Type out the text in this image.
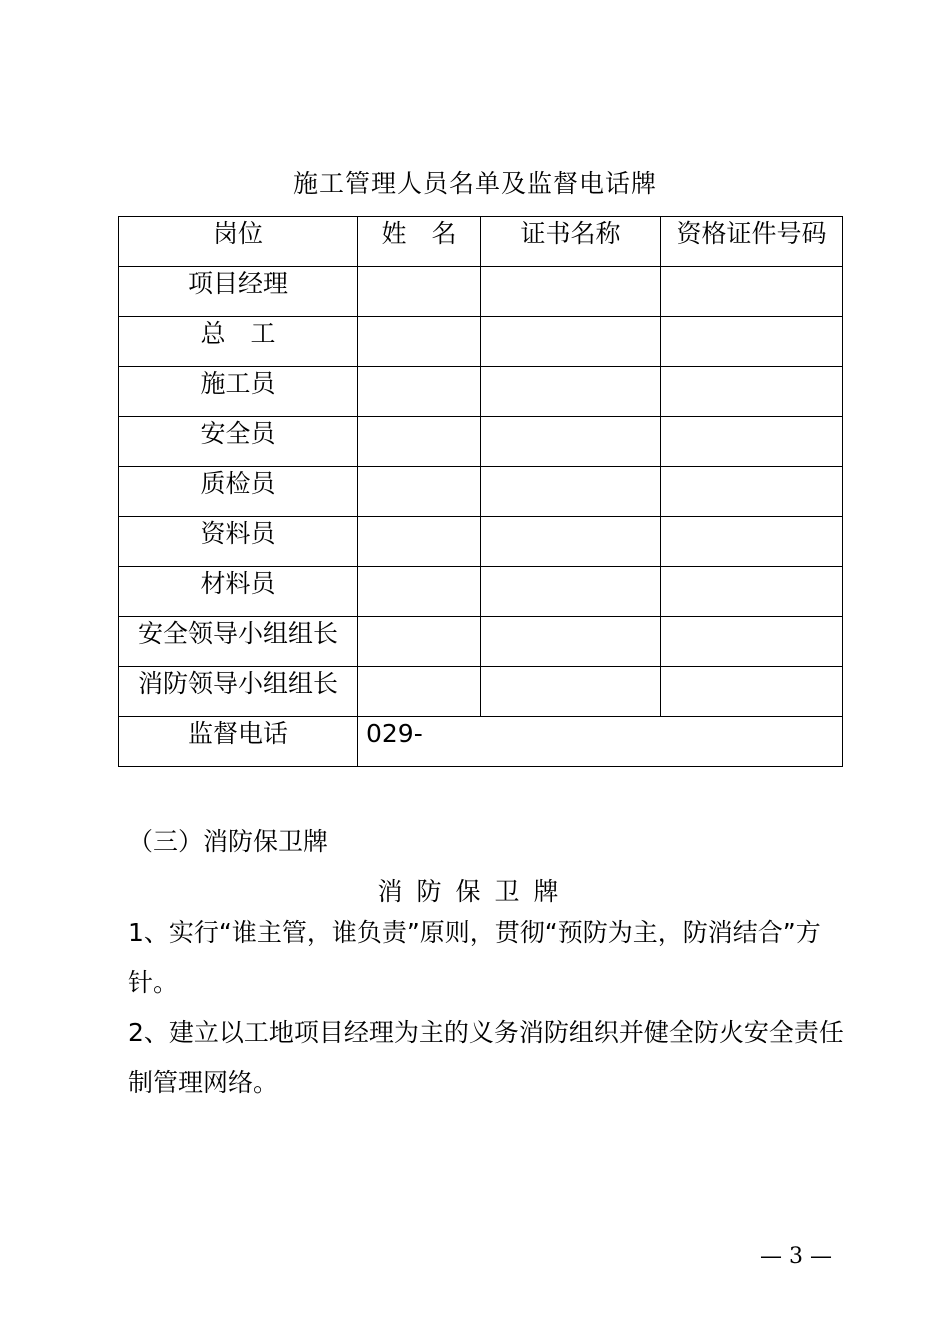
施工管理人员名单及监督电话牌
岗位	姓　名	证书名称	资格证件号码
项目经理			
总　工			
施工员			
安全员			
质检员			
资料员			
材料员			
安全领导小组组长			
消防领导小组组长			
监督电话	029-		
（三）消防保卫牌
消防保卫牌
1、实行“谁主管，谁负责”原则，贯彻“预防为主，防消结合”方针。
2、建立以工地项目经理为主的义务消防组织并健全防火安全责任制管理网络。
— 3 —
